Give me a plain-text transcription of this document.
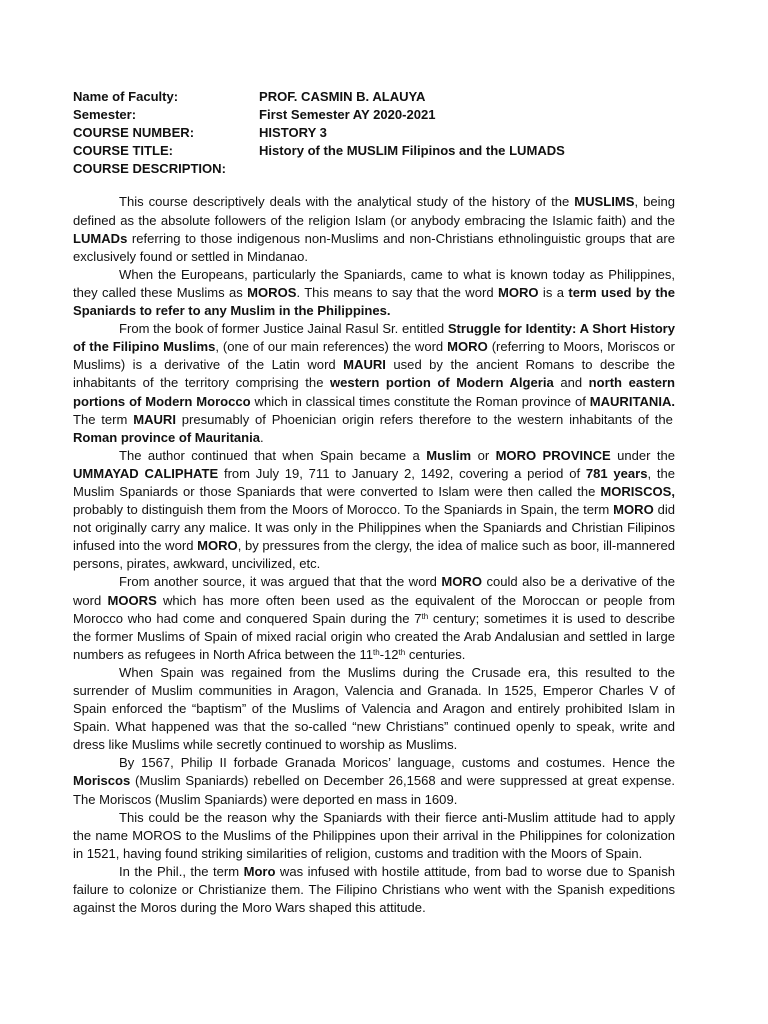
Name of Faculty:	PROF. CASMIN B. ALAUYA
Semester:	First Semester AY 2020-2021
COURSE NUMBER:	HISTORY 3
COURSE TITLE:	History of the MUSLIM Filipinos and the LUMADS
COURSE DESCRIPTION:

This course descriptively deals with the analytical study of the history of the MUSLIMS, being defined as the absolute followers of the religion Islam (or anybody embracing the Islamic faith) and the LUMADs referring to those indigenous non-Muslims and non-Christians ethnolinguistic groups that are exclusively found or settled in Mindanao.

When the Europeans, particularly the Spaniards, came to what is known today as Philippines, they called these Muslims as MOROS. This means to say that the word MORO is a term used by the Spaniards to refer to any Muslim in the Philippines.

From the book of former Justice Jainal Rasul Sr. entitled Struggle for Identity: A Short History of the Filipino Muslims, (one of our main references) the word MORO (referring to Moors, Moriscos or Muslims) is a derivative of the Latin word MAURI used by the ancient Romans to describe the inhabitants of the territory comprising the western portion of Modern Algeria and north eastern portions of Modern Morocco which in classical times constitute the Roman province of MAURITANIA. The term MAURI presumably of Phoenician origin refers therefore to the western inhabitants of the Roman province of Mauritania.

The author continued that when Spain became a Muslim or MORO PROVINCE under the UMMAYAD CALIPHATE from July 19, 711 to January 2, 1492, covering a period of 781 years, the Muslim Spaniards or those Spaniards that were converted to Islam were then called the MORISCOS, probably to distinguish them from the Moors of Morocco. To the Spaniards in Spain, the term MORO did not originally carry any malice. It was only in the Philippines when the Spaniards and Christian Filipinos infused into the word MORO, by pressures from the clergy, the idea of malice such as boor, ill-mannered persons, pirates, awkward, uncivilized, etc.

From another source, it was argued that that the word MORO could also be a derivative of the word MOORS which has more often been used as the equivalent of the Moroccan or people from Morocco who had come and conquered Spain during the 7th century; sometimes it is used to describe the former Muslims of Spain of mixed racial origin who created the Arab Andalusian and settled in large numbers as refugees in North Africa between the 11th-12th centuries.

When Spain was regained from the Muslims during the Crusade era, this resulted to the surrender of Muslim communities in Aragon, Valencia and Granada. In 1525, Emperor Charles V of Spain enforced the “baptism” of the Muslims of Valencia and Aragon and entirely prohibited Islam in Spain. What happened was that the so-called “new Christians” continued openly to speak, write and dress like Muslims while secretly continued to worship as Muslims.

By 1567, Philip II forbade Granada Moricos’ language, customs and costumes. Hence the Moriscos (Muslim Spaniards) rebelled on December 26,1568 and were suppressed at great expense. The Moriscos (Muslim Spaniards) were deported en mass in 1609.

This could be the reason why the Spaniards with their fierce anti-Muslim attitude had to apply the name MOROS to the Muslims of the Philippines upon their arrival in the Philippines for colonization in 1521, having found striking similarities of religion, customs and tradition with the Moors of Spain.

In the Phil., the term Moro was infused with hostile attitude, from bad to worse due to Spanish failure to colonize or Christianize them. The Filipino Christians who went with the Spanish expeditions against the Moros during the Moro Wars shaped this attitude.
